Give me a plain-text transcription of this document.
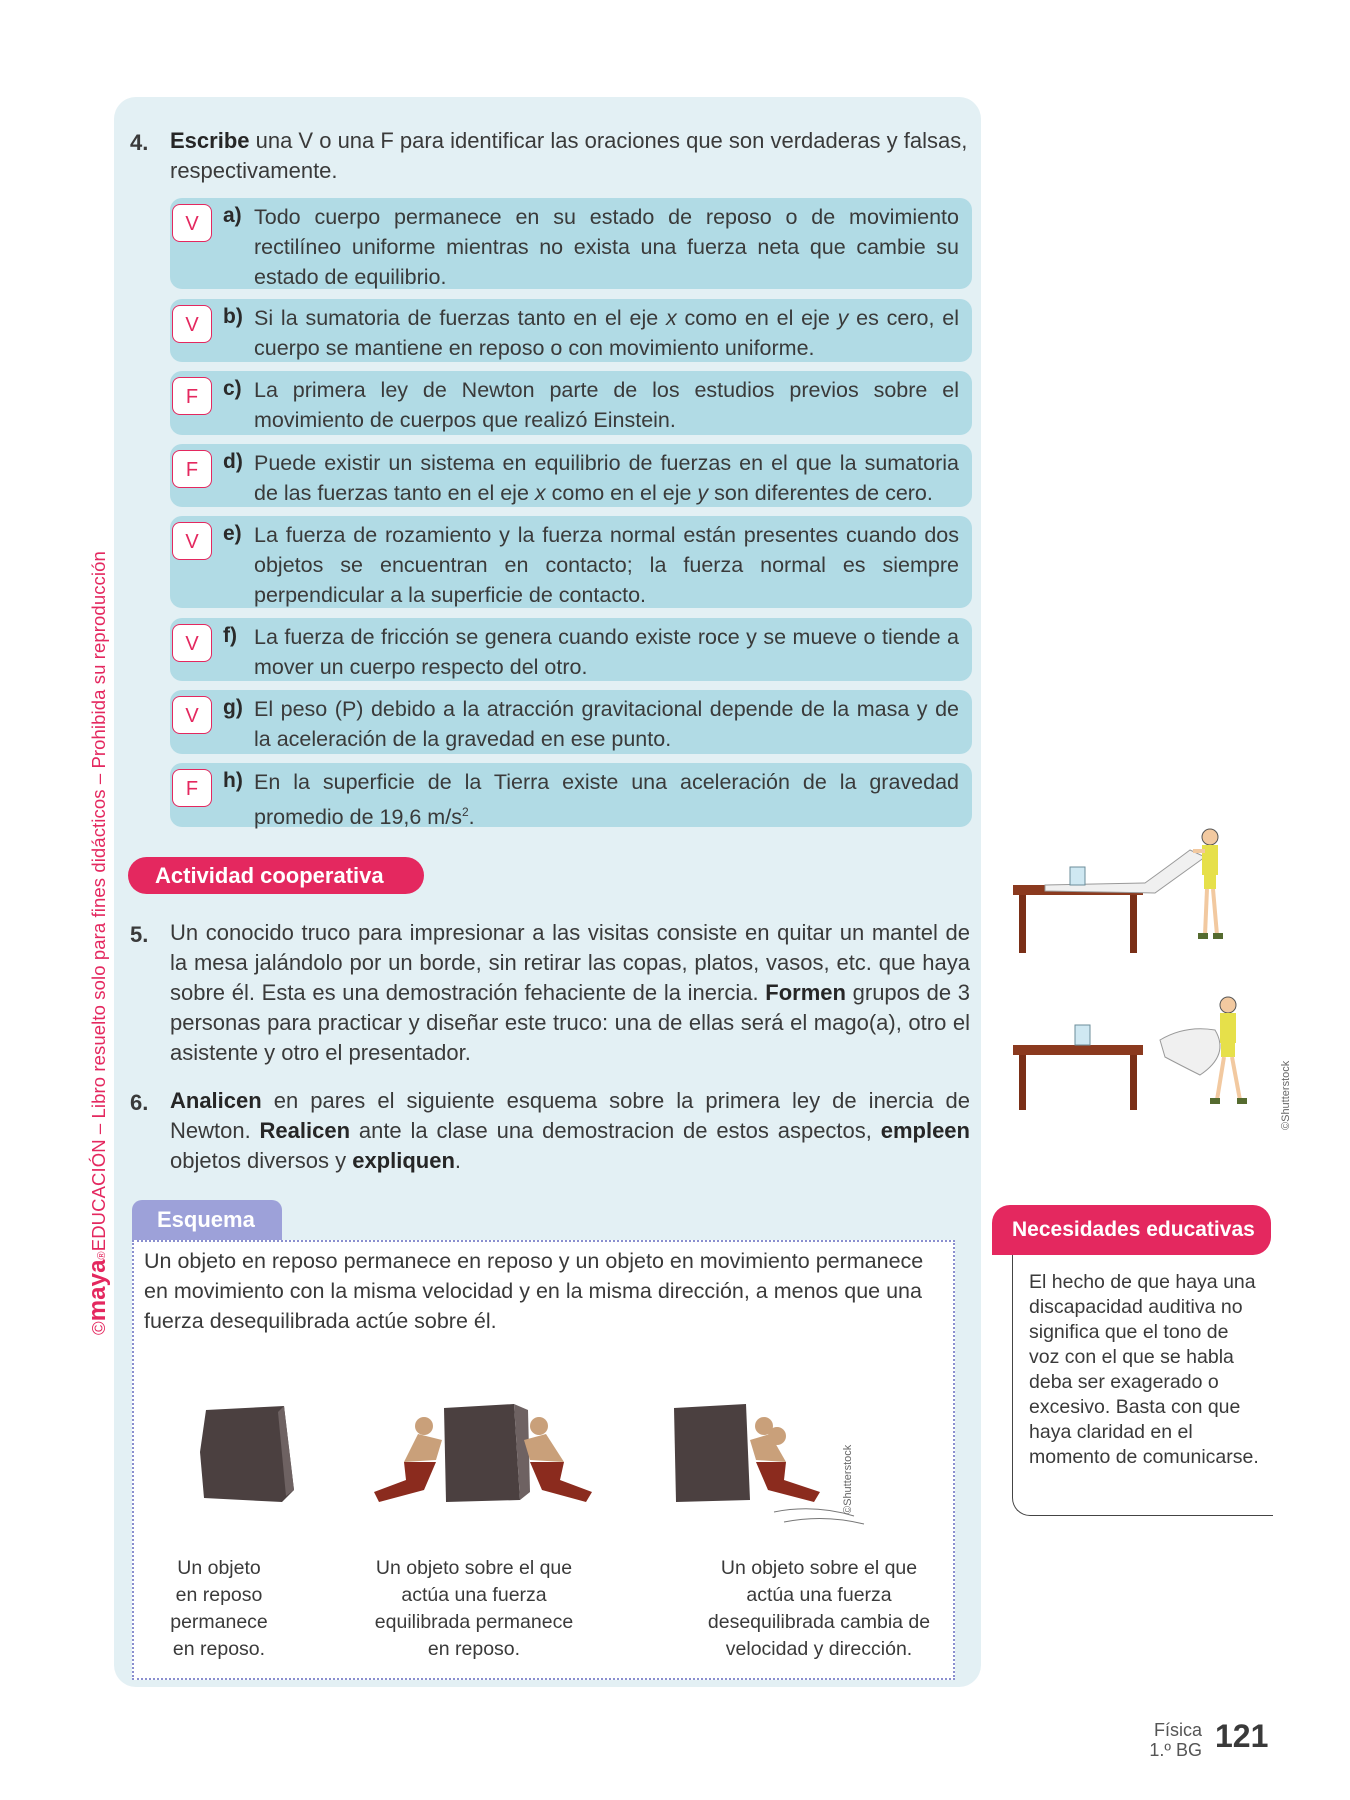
©maya®EDUCACIÓN – Libro resuelto solo para fines didácticos – Prohibida su reproducción
4. Escribe una V o una F para identificar las oraciones que son verdaderas y falsas, respectivamente.
V	a) Todo cuerpo permanece en su estado de reposo o de movimiento rectilíneo uniforme mientras no exista una fuerza neta que cambie su estado de equilibrio.
V	b) Si la sumatoria de fuerzas tanto en el eje x como en el eje y es cero, el cuerpo se mantiene en reposo o con movimiento uniforme.
F	c) La primera ley de Newton parte de los estudios previos sobre el movimiento de cuerpos que realizó Einstein.
F	d) Puede existir un sistema en equilibrio de fuerzas en el que la sumatoria de las fuerzas tanto en el eje x como en el eje y son diferentes de cero.
V	e) La fuerza de rozamiento y la fuerza normal están presentes cuando dos objetos se encuentran en contacto; la fuerza normal es siempre perpendicular a la superficie de contacto.
V	f) La fuerza de fricción se genera cuando existe roce y se mueve o tiende a mover un cuerpo respecto del otro.
V	g) El peso (P) debido a la atracción gravitacional depende de la masa y de la aceleración de la gravedad en ese punto.
F	h) En la superficie de la Tierra existe una aceleración de la gravedad promedio de 19,6 $m/s^2$.
Actividad cooperativa
5. Un conocido truco para impresionar a las visitas consiste en quitar un mantel de la mesa jalándolo por un borde, sin retirar las copas, platos, vasos, etc. que haya sobre él. Esta es una demostración fehaciente de la inercia. Formen grupos de 3 personas para practicar y diseñar este truco: una de ellas será el mago(a), otro el asistente y otro el presentador.
6. Analicen en pares el siguiente esquema sobre la primera ley de inercia de Newton. Realicen ante la clase una demostracion de estos aspectos, empleen objetos diversos y expliquen.
©Shutterstock
Esquema
Un objeto en reposo permanece en reposo y un objeto en movimiento permanece en movimiento con la misma velocidad y en la misma dirección, a menos que una fuerza desequilibrada actúe sobre él.
©Shutterstock
Un objeto en reposo permanece en reposo.
Un objeto sobre el que actúa una fuerza equilibrada permanece en reposo.
Un objeto sobre el que actúa una fuerza desequilibrada cambia de velocidad y dirección.
Necesidades educativas
El hecho de que haya una discapacidad auditiva no significa que el tono de voz con el que se habla deba ser exagerado o excesivo. Basta con que haya claridad en el momento de comunicarse.
Física
1.º BG 121
